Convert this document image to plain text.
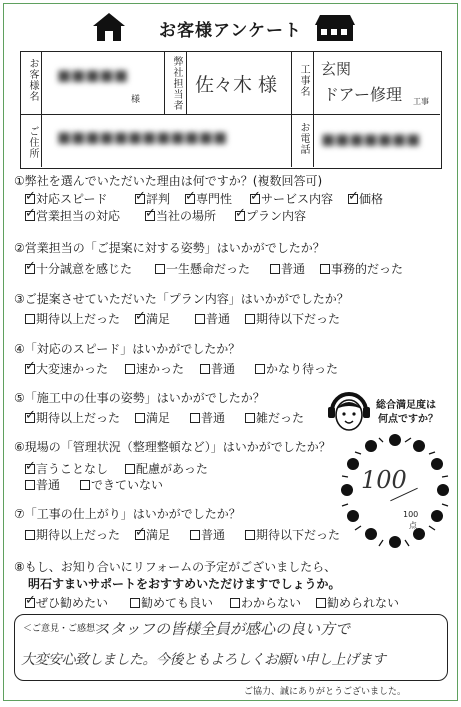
お客様アンケート
お客様名 ■■■■■
様	弊社担当者 佐々木 様 工事名 玄関
ドアー修理 工事
ご住所 ■■■■■■■■■■■■	お電話 ■■■■■■■
①弊社を選んでいただいた理由は何ですか？(複数回答可)
✓対応スピード ✓	評判 ✓	専門性 ✓	サービス内容 ✓	価格
✓営業担当の対応 ✓	当社の場所 ✓	プラン内容
②営業担当の「ご提案に対する姿勢」はいかがでしたか？
✓十分誠意を感じた	一生懸命だった	普通	事務的だった
③ご提案させていただいた「プラン内容」はいかがでしたか？
期待以上だった ✓	満足	普通	期待以下だった
④「対応のスピード」はいかがでしたか？
✓大変速かった	速かった	普通	かなり待った
⑤「施工中の仕事の姿勢」はいかがでしたか？
✓期待以上だった	満足	普通	雑だった
⑥現場の「管理状況（整理整頓など）」はいかがでしたか？
✓言うことなし	配慮があった
普通	できていない
⑦「工事の仕上がり」はいかがでしたか？
期待以上だった ✓	満足	普通	期待以下だった
総合満足度は
何点ですか？
100
100
点
⑧もし、お知り合いにリフォームの予定がございましたら、
明石すまいサポートをおすすめいただけますでしょうか。
✓ぜひ勧めたい	勧めても良い	わからない	勧められない
＜ご意見・ご感想＞
スタッフの皆様全員が感心の良い方で
大変安心致しました。今後ともよろしくお願い申し上げます
ご協力、誠にありがとうございました。
